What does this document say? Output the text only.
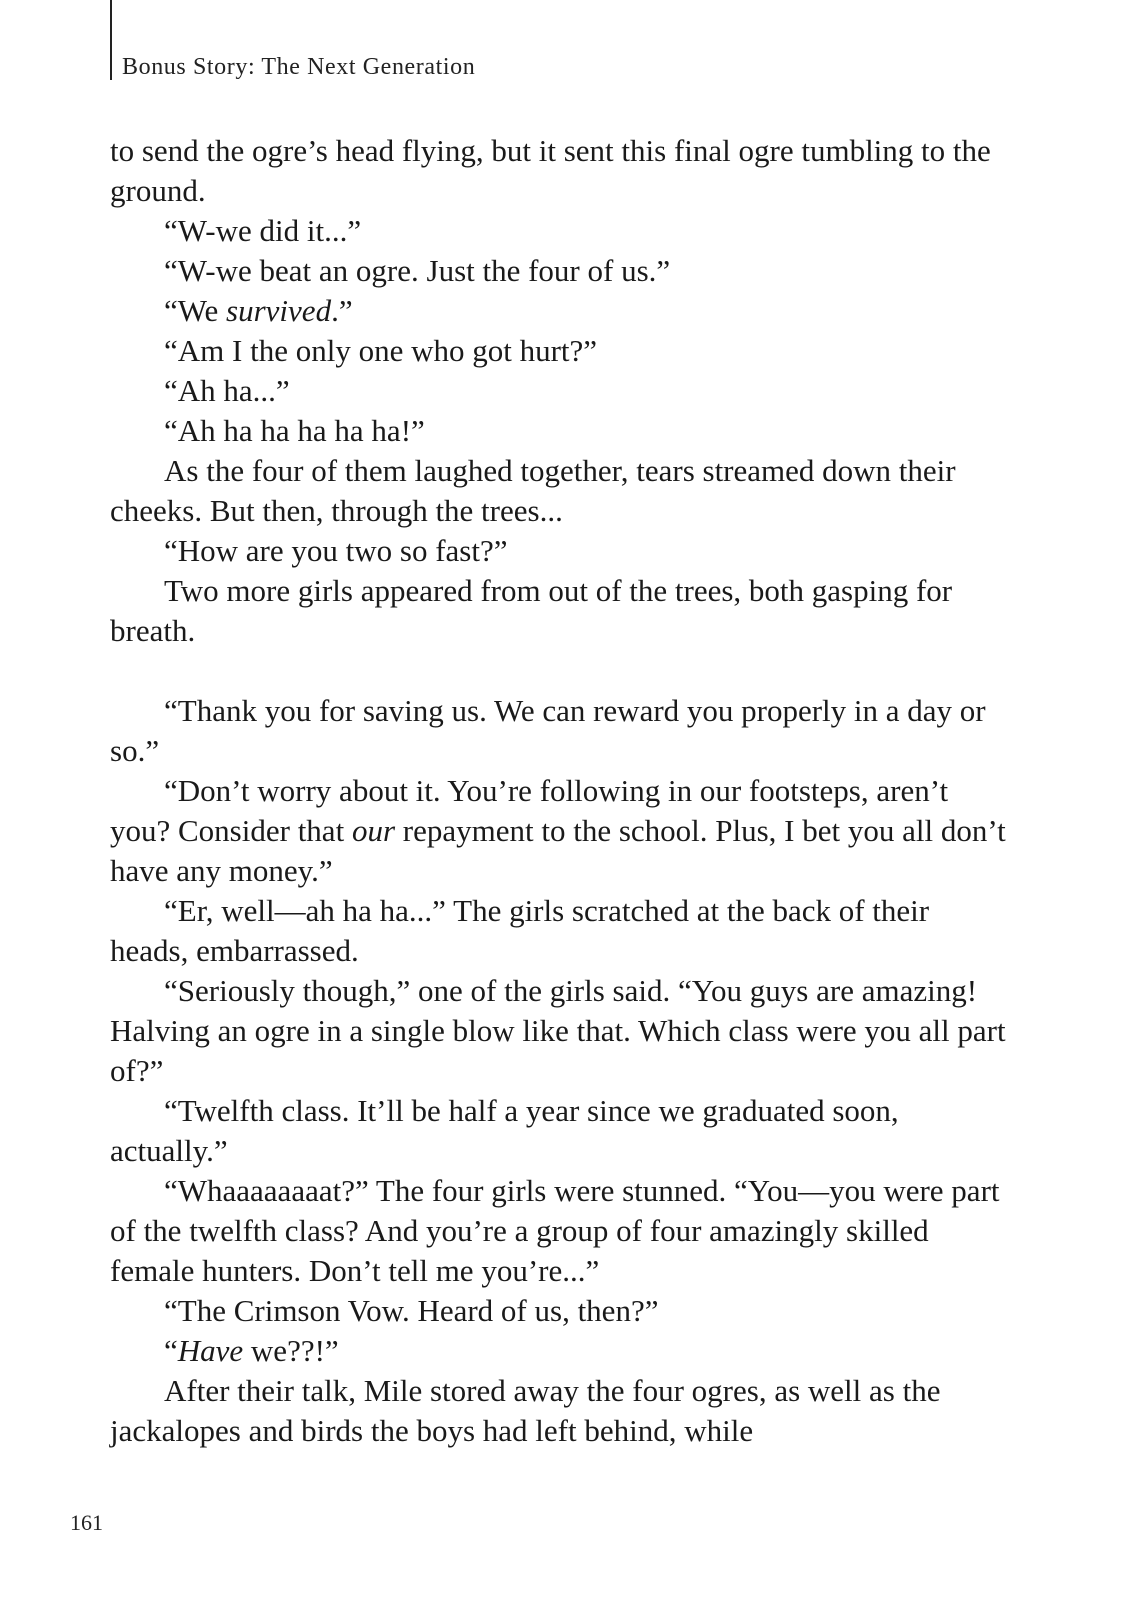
Bonus Story: The Next Generation

to send the ogre’s head flying, but it sent this final ogre tumbling to the ground.

“W-we did it...”

“W-we beat an ogre. Just the four of us.”

“We survived.”

“Am I the only one who got hurt?”

“Ah ha...”

“Ah ha ha ha ha ha!”

As the four of them laughed together, tears streamed down their cheeks. But then, through the trees...

“How are you two so fast?”

Two more girls appeared from out of the trees, both gasping for breath.

“Thank you for saving us. We can reward you properly in a day or so.”

“Don’t worry about it. You’re following in our footsteps, aren’t you? Consider that our repayment to the school. Plus, I bet you all don’t have any money.”

“Er, well—ah ha ha...” The girls scratched at the back of their heads, embarrassed.

“Seriously though,” one of the girls said. “You guys are amazing! Halving an ogre in a single blow like that. Which class were you all part of?”

“Twelfth class. It’ll be half a year since we graduated soon, actually.”

“Whaaaaaaaat?” The four girls were stunned. “You—you were part of the twelfth class? And you’re a group of four amazingly skilled female hunters. Don’t tell me you’re...”

“The Crimson Vow. Heard of us, then?”

“Have we??!”

After their talk, Mile stored away the four ogres, as well as the jackalopes and birds the boys had left behind, while

161
